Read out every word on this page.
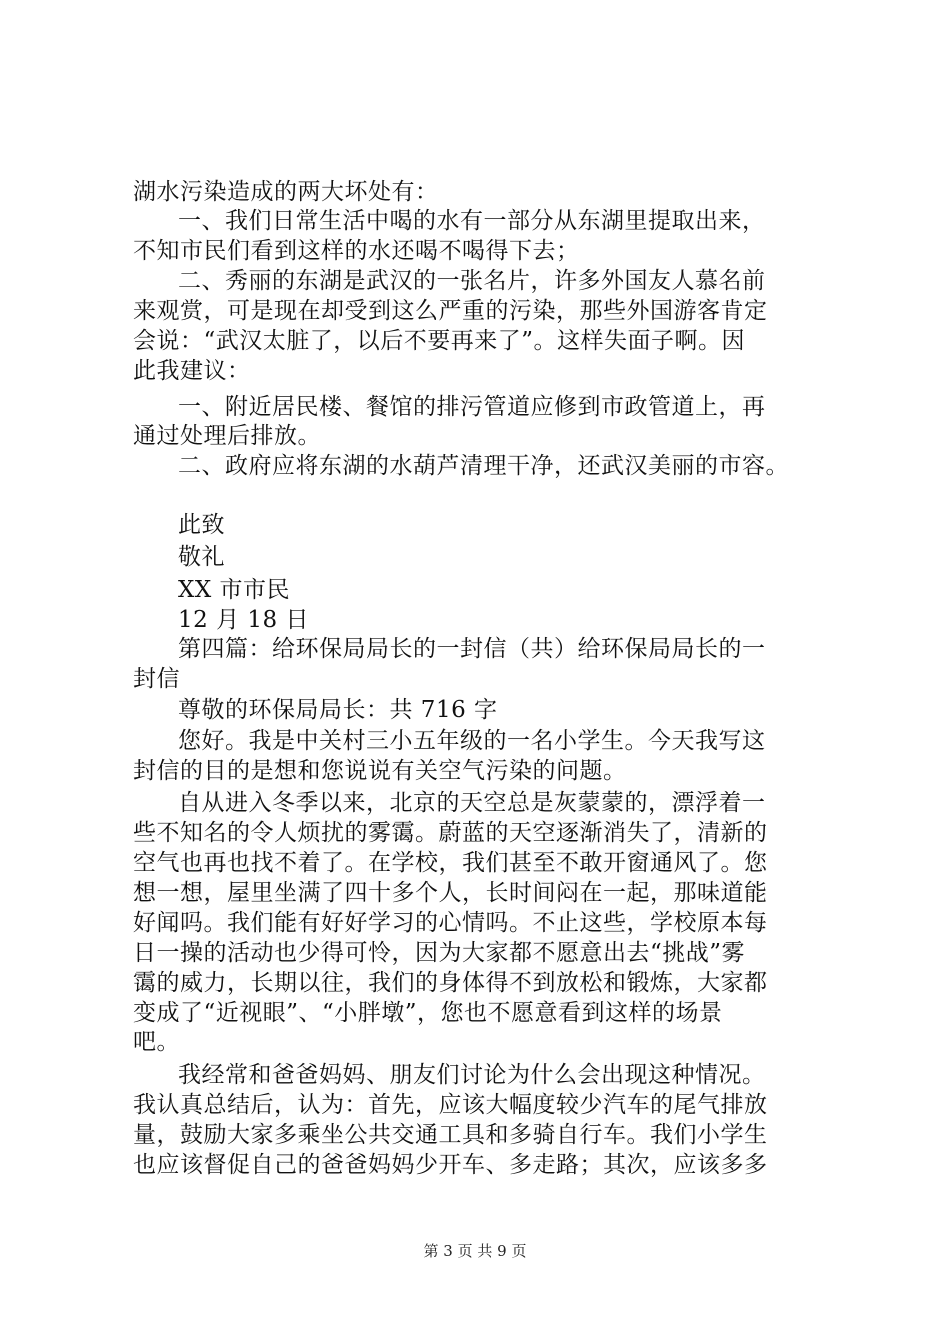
湖水污染造成的两大坏处有：
一、我们日常生活中喝的水有一部分从东湖里提取出来，
不知市民们看到这样的水还喝不喝得下去；
二、秀丽的东湖是武汉的一张名片，许多外国友人慕名前
来观赏，可是现在却受到这么严重的污染，那些外国游客肯定
会说：“武汉太脏了，以后不要再来了”。这样失面子啊。因
此我建议：
一、附近居民楼、餐馆的排污管道应修到市政管道上，再
通过处理后排放。
二、政府应将东湖的水葫芦清理干净，还武汉美丽的市容。
此致
敬礼
XX 市市民
12 月 18 日
第四篇：给环保局局长的一封信（共）给环保局局长的一
封信
尊敬的环保局局长：共 716 字
您好。我是中关村三小五年级的一名小学生。今天我写这
封信的目的是想和您说说有关空气污染的问题。
自从进入冬季以来，北京的天空总是灰蒙蒙的，漂浮着一
些不知名的令人烦扰的雾霭。蔚蓝的天空逐渐消失了，清新的
空气也再也找不着了。在学校，我们甚至不敢开窗通风了。您
想一想，屋里坐满了四十多个人，长时间闷在一起，那味道能
好闻吗。我们能有好好学习的心情吗。不止这些，学校原本每
日一操的活动也少得可怜，因为大家都不愿意出去“挑战”雾
霭的威力，长期以往，我们的身体得不到放松和锻炼，大家都
变成了“近视眼”、“小胖墩”，您也不愿意看到这样的场景
吧。
我经常和爸爸妈妈、朋友们讨论为什么会出现这种情况。
我认真总结后，认为：首先，应该大幅度较少汽车的尾气排放
量，鼓励大家多乘坐公共交通工具和多骑自行车。我们小学生
也应该督促自己的爸爸妈妈少开车、多走路；其次，应该多多
第 3 页 共 9 页
